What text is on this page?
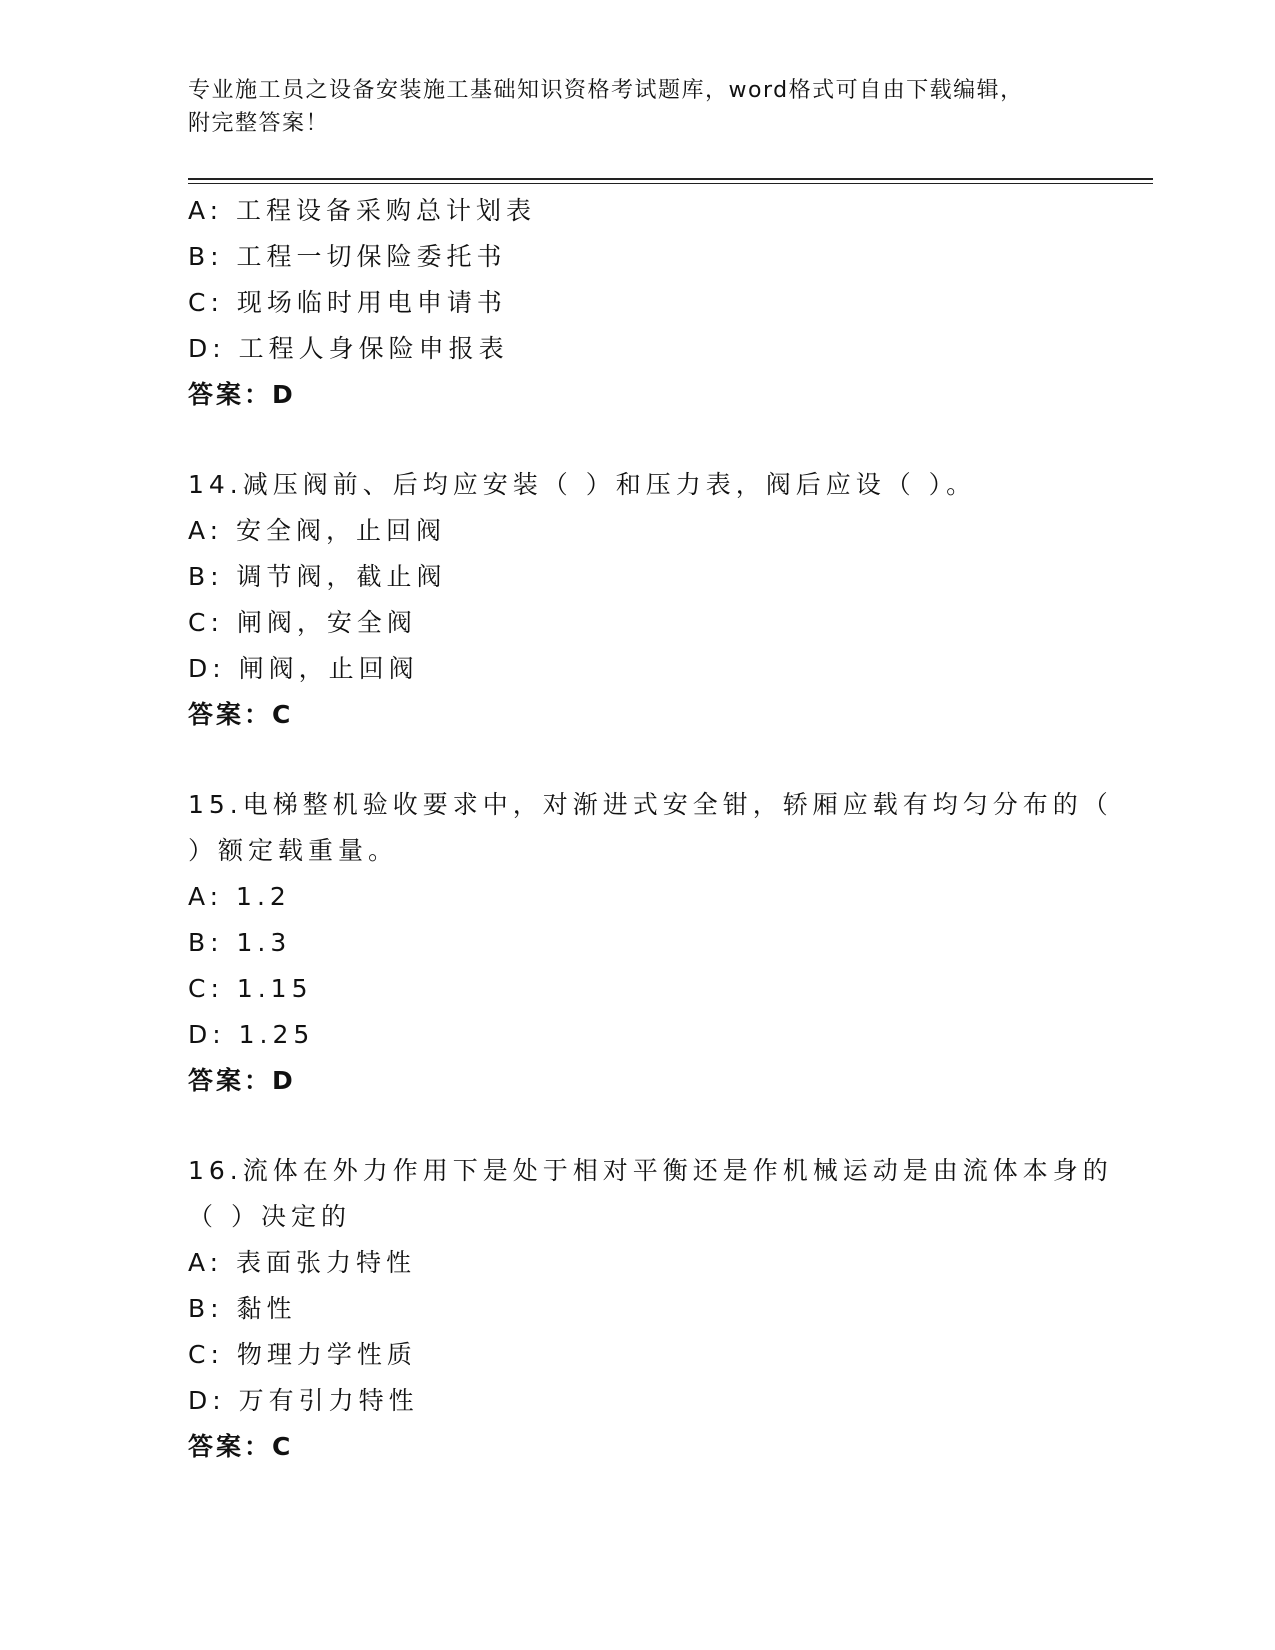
专业施工员之设备安装施工基础知识资格考试题库，word格式可自由下载编辑，
附完整答案！
A: 工程设备采购总计划表
B: 工程一切保险委托书
C: 现场临时用电申请书
D: 工程人身保险申报表
答案：D
14.减压阀前、后均应安装（ ）和压力表，阀后应设（ ）。
A: 安全阀，止回阀
B: 调节阀，截止阀
C: 闸阀，安全阀
D: 闸阀，止回阀
答案：C
15.电梯整机验收要求中，对渐进式安全钳，轿厢应载有均匀分布的（
）额定载重量。
A: 1.2
B: 1.3
C: 1.15
D: 1.25
答案：D
16.流体在外力作用下是处于相对平衡还是作机械运动是由流体本身的
（ ）决定的
A: 表面张力特性
B: 黏性
C: 物理力学性质
D: 万有引力特性
答案：C
